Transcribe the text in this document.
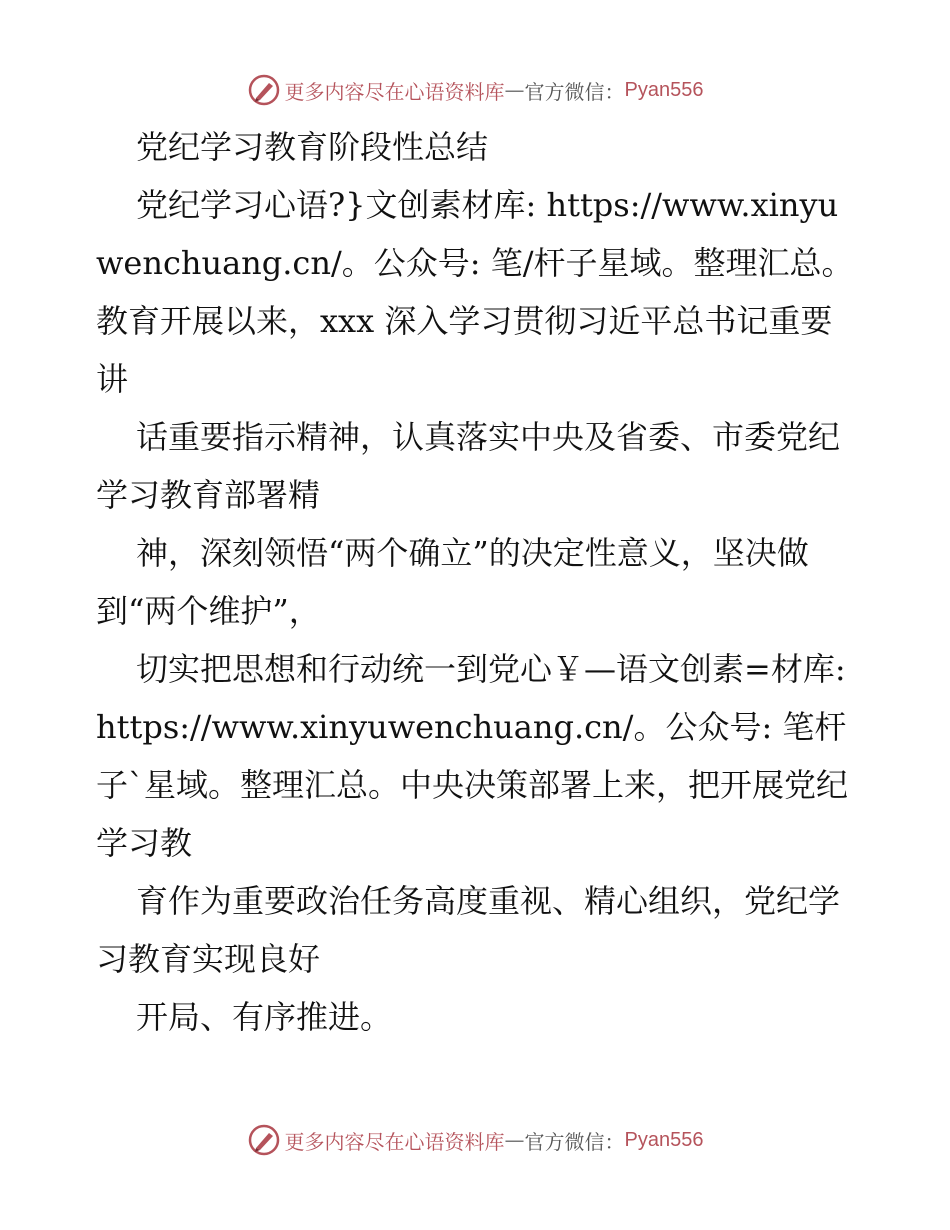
更多内容尽在心语资料库 — 官方微信： Pyan556

党纪学习教育阶段性总结

党纪学习心语?}文创素材库: https://www.xinyuwenchuang.cn/。公众号: 笔/杆子星域。整理汇总。教育开展以来，xxx 深入学习贯彻习近平总书记重要讲

话重要指示精神，认真落实中央及省委、市委党纪学习教育部署精

神，深刻领悟“两个确立”的决定性意义，坚决做到“两个维护”，

切实把思想和行动统一到党心￥—语文创素=材库: https://www.xinyuwenchuang.cn/。公众号: 笔杆子`星域。整理汇总。中央决策部署上来，把开展党纪学习教

育作为重要政治任务高度重视、精心组织，党纪学习教育实现良好

开局、有序推进。

更多内容尽在心语资料库 — 官方微信： Pyan556
